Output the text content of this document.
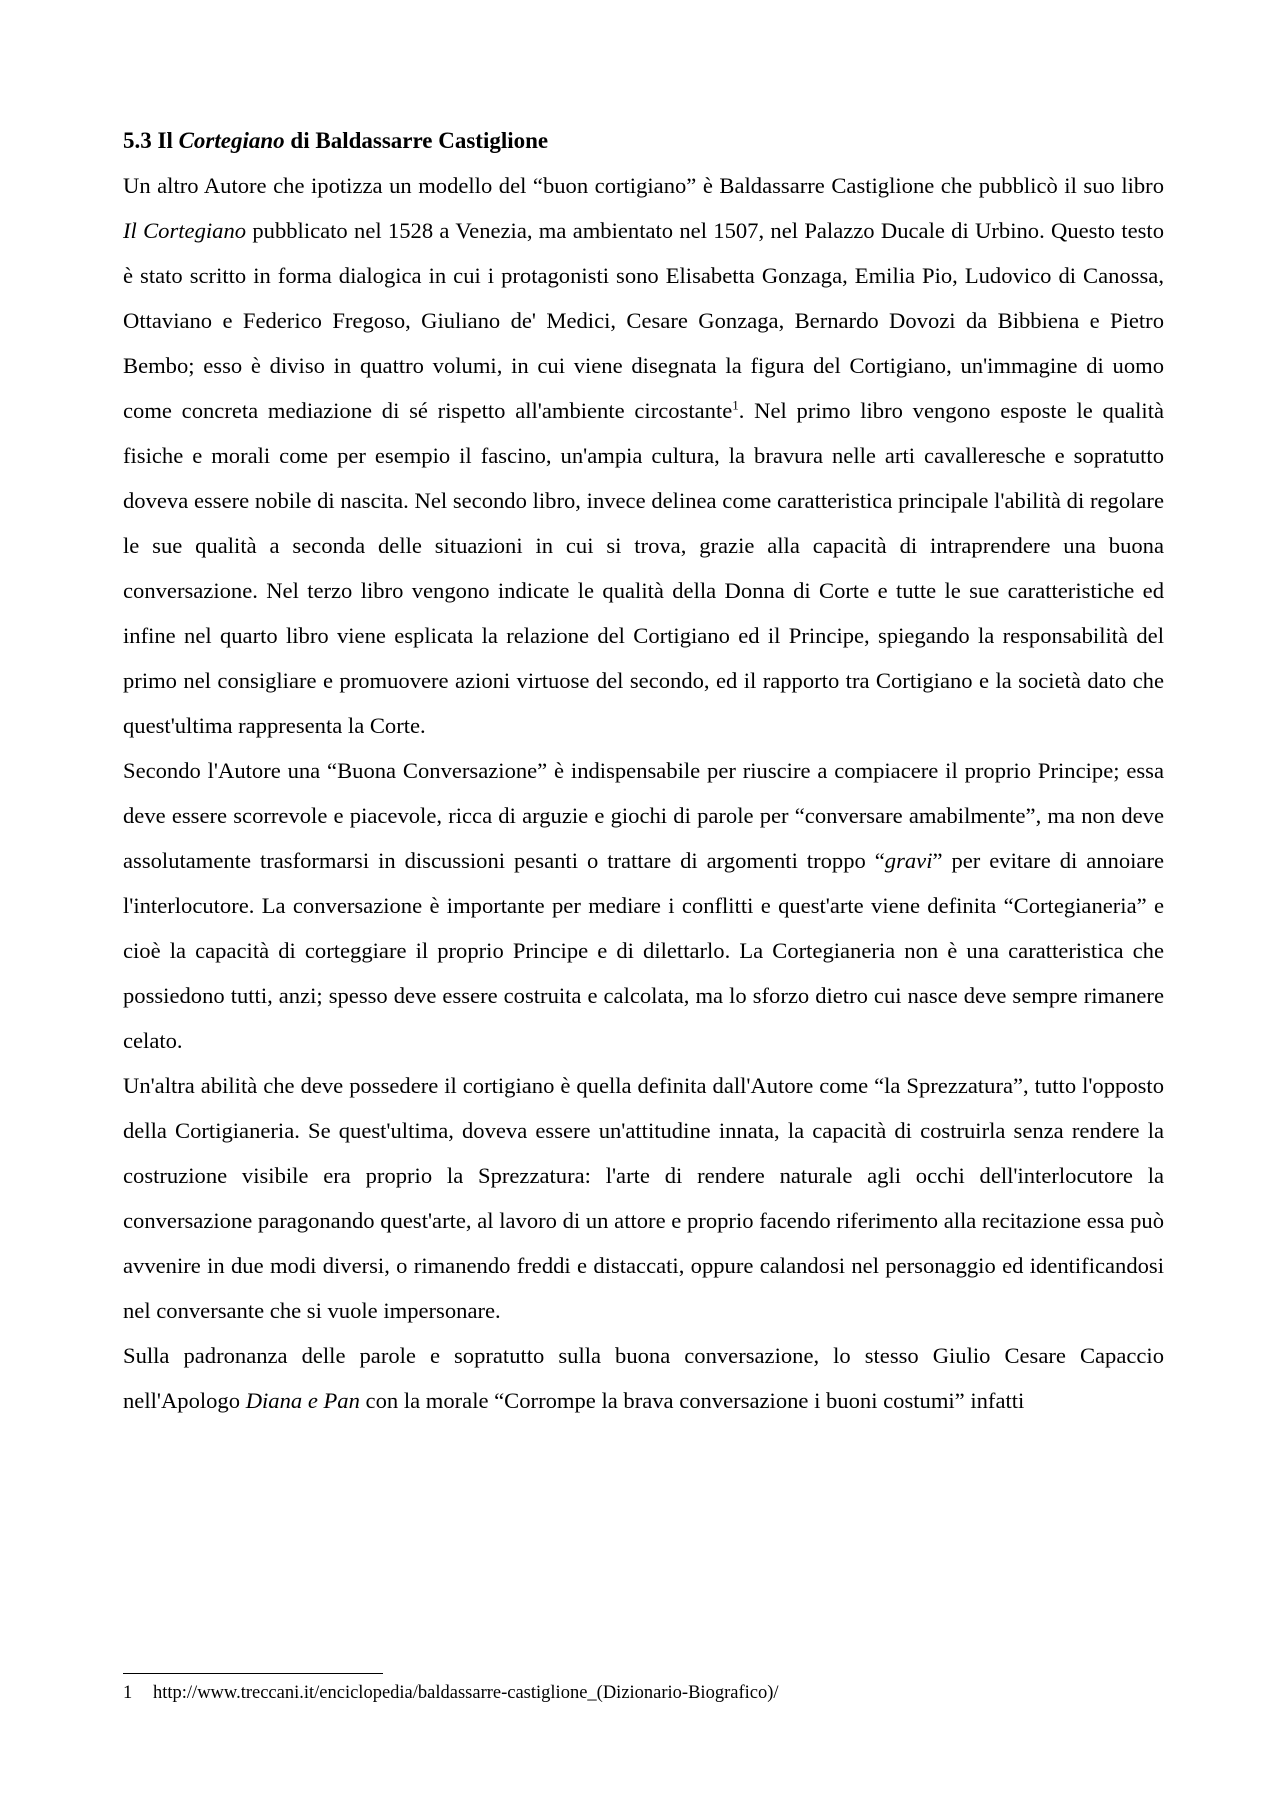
5.3 Il Cortegiano di Baldassarre Castiglione

Un altro Autore che ipotizza un modello del “buon cortigiano” è Baldassarre Castiglione che pubblicò il suo libro Il Cortegiano pubblicato nel 1528 a Venezia, ma ambientato nel 1507, nel Palazzo Ducale di Urbino. Questo testo è stato scritto in forma dialogica in cui i protagonisti sono Elisabetta Gonzaga, Emilia Pio, Ludovico di Canossa, Ottaviano e Federico Fregoso, Giuliano de' Medici, Cesare Gonzaga, Bernardo Dovozi da Bibbiena e Pietro Bembo; esso è diviso in quattro volumi, in cui viene disegnata la figura del Cortigiano, un'immagine di uomo come concreta mediazione di sé rispetto all'ambiente circostante$^1$. Nel primo libro vengono esposte le qualità fisiche e morali come per esempio il fascino, un'ampia cultura, la bravura nelle arti cavalleresche e sopratutto doveva essere nobile di nascita. Nel secondo libro, invece delinea come caratteristica principale l'abilità di regolare le sue qualità a seconda delle situazioni in cui si trova, grazie alla capacità di intraprendere una buona conversazione. Nel terzo libro vengono indicate le qualità della Donna di Corte e tutte le sue caratteristiche ed infine nel quarto libro viene esplicata la relazione del Cortigiano ed il Principe, spiegando la responsabilità del primo nel consigliare e promuovere azioni virtuose del secondo, ed il rapporto tra Cortigiano e la società dato che quest'ultima rappresenta la Corte.

Secondo l'Autore una “Buona Conversazione” è indispensabile per riuscire a compiacere il proprio Principe; essa deve essere scorrevole e piacevole, ricca di arguzie e giochi di parole per “conversare amabilmente”, ma non deve assolutamente trasformarsi in discussioni pesanti o trattare di argomenti troppo “gravi” per evitare di annoiare l'interlocutore. La conversazione è importante per mediare i conflitti e quest'arte viene definita “Cortegianeria” e cioè la capacità di corteggiare il proprio Principe e di dilettarlo. La Cortegianeria non è una caratteristica che possiedono tutti, anzi; spesso deve essere costruita e calcolata, ma lo sforzo dietro cui nasce deve sempre rimanere celato.

Un'altra abilità che deve possedere il cortigiano è quella definita dall'Autore come “la Sprezzatura”, tutto l'opposto della Cortigianeria. Se quest'ultima, doveva essere un'attitudine innata, la capacità di costruirla senza rendere la costruzione visibile era proprio la Sprezzatura: l'arte di rendere naturale agli occhi dell'interlocutore la conversazione paragonando quest'arte, al lavoro di un attore e proprio facendo riferimento alla recitazione essa può avvenire in due modi diversi, o rimanendo freddi e distaccati, oppure calandosi nel personaggio ed identificandosi nel conversante che si vuole impersonare.

Sulla padronanza delle parole e sopratutto sulla buona conversazione, lo stesso Giulio Cesare Capaccio nell'Apologo Diana e Pan con la morale “Corrompe la brava conversazione i buoni costumi” infatti

1 http://www.treccani.it/enciclopedia/baldassarre-castiglione_(Dizionario-Biografico)/
